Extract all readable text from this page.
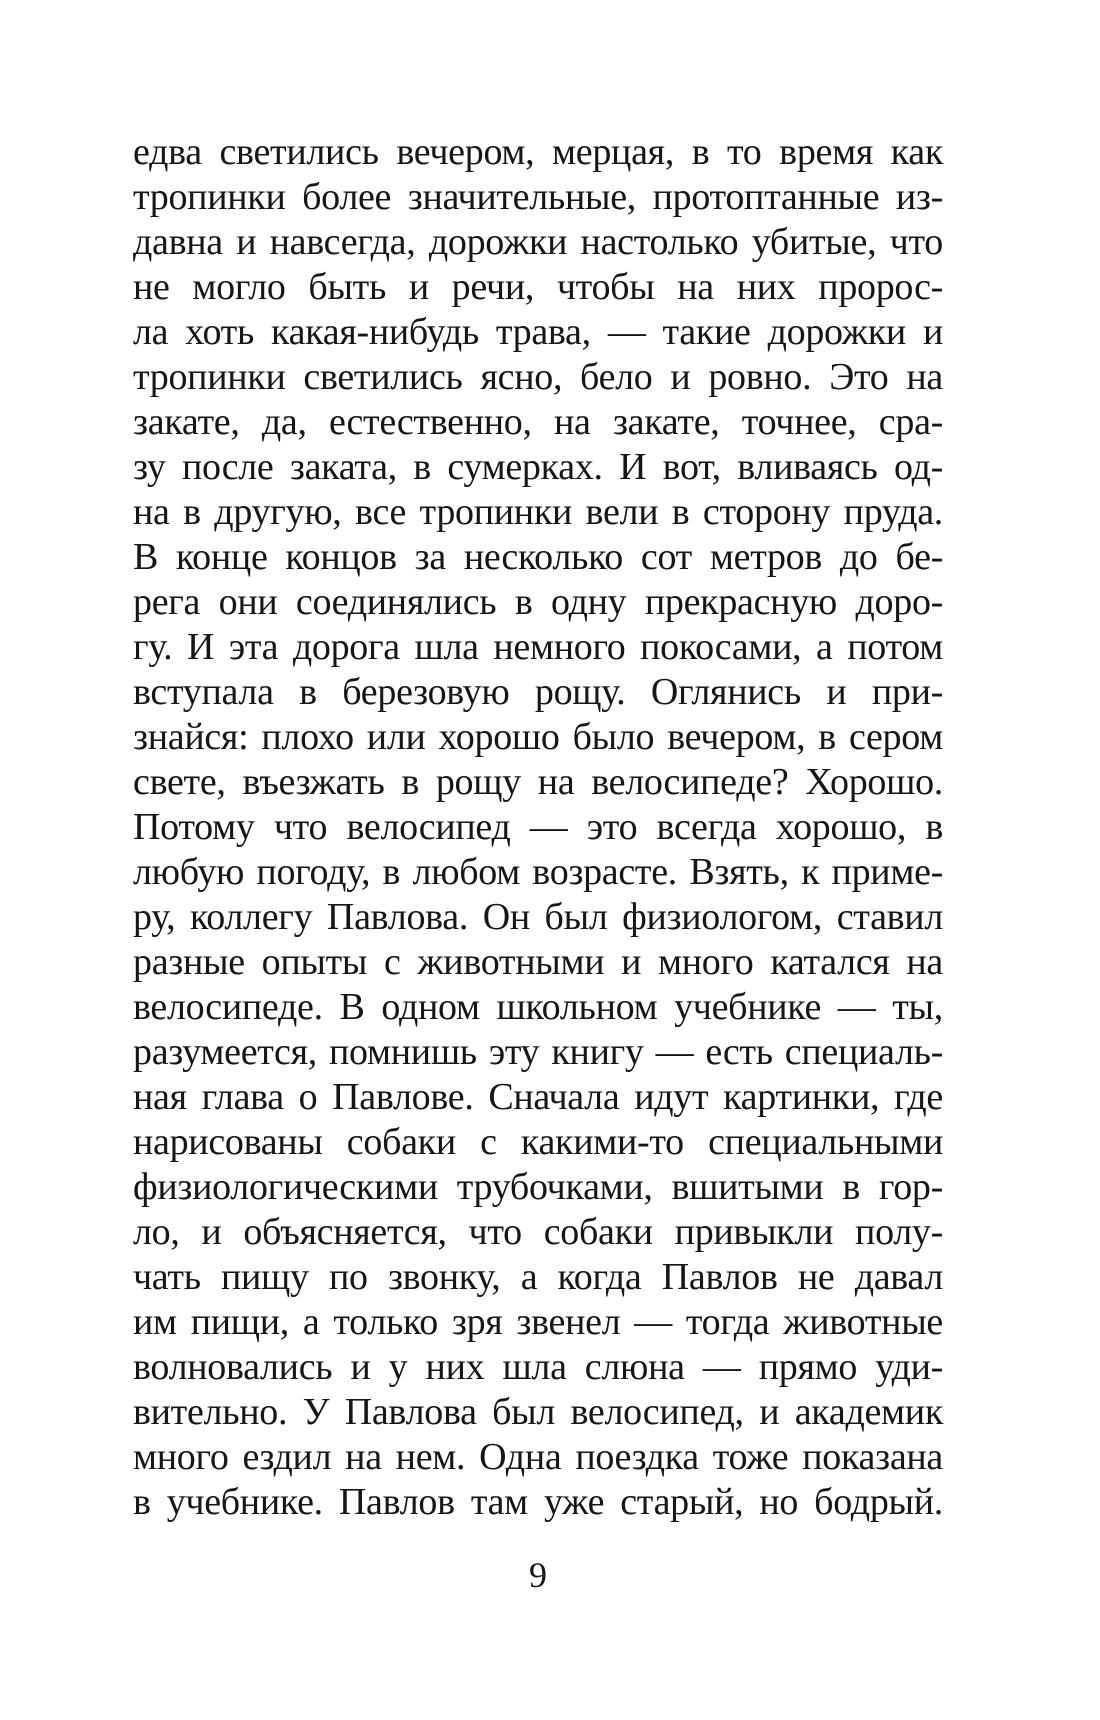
едва светились вечером, мерцая, в то время как
тропинки более значительные, протоптанные из-
давна и навсегда, дорожки настолько убитые, что
не могло быть и речи, чтобы на них пророс-
ла хоть какая-нибудь трава, — такие дорожки и
тропинки светились ясно, бело и ровно. Это на
закате, да, естественно, на закате, точнее, сра-
зу после заката, в сумерках. И вот, вливаясь од-
на в другую, все тропинки вели в сторону пруда.
В конце концов за несколько сот метров до бе-
рега они соединялись в одну прекрасную доро-
гу. И эта дорога шла немного покосами, а потом
вступала в березовую рощу. Оглянись и при-
знайся: плохо или хорошо было вечером, в сером
свете, въезжать в рощу на велосипеде? Хорошо.
Потому что велосипед — это всегда хорошо, в
любую погоду, в любом возрасте. Взять, к приме-
ру, коллегу Павлова. Он был физиологом, ставил
разные опыты с животными и много катался на
велосипеде. В одном школьном учебнике — ты,
разумеется, помнишь эту книгу — есть специаль-
ная глава о Павлове. Сначала идут картинки, где
нарисованы собаки с какими-то специальными
физиологическими трубочками, вшитыми в гор-
ло, и объясняется, что собаки привыкли полу-
чать пищу по звонку, а когда Павлов не давал
им пищи, а только зря звенел — тогда животные
волновались и у них шла слюна — прямо уди-
вительно. У Павлова был велосипед, и академик
много ездил на нем. Одна поездка тоже показана
в учебнике. Павлов там уже старый, но бодрый.
9
